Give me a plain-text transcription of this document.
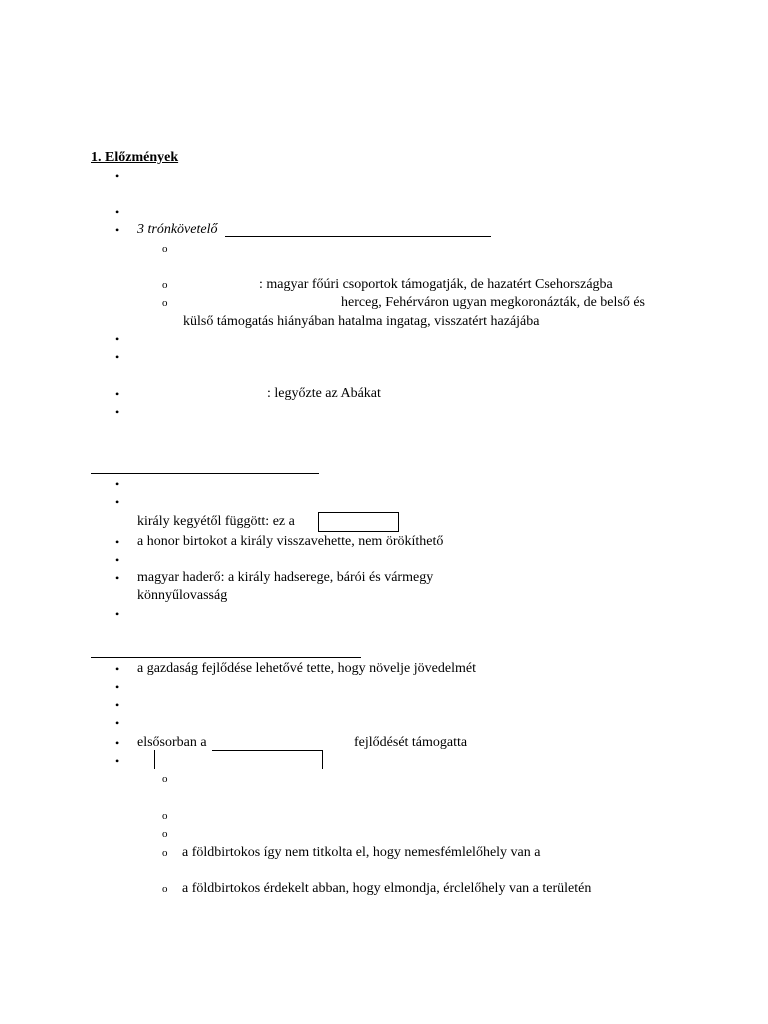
1. Előzmények
•
•
• 3 trónkövetelő
o
o	: magyar főúri csoportok támogatják, de hazatért Csehországba
o	herceg, Fehérváron ugyan megkoronázták, de belső és
külső támogatás hiányában hatalma ingatag, visszatért hazájába
•
•
•	: legyőzte az Abákat
•
•
•
király kegyétől függött: ez a
• a honor birtokot a király visszavehette, nem örökíthető
•
• magyar haderő: a király hadserege, bárói és vármegy
könnyűlovasság
•
• a gazdaság fejlődése lehetővé tette, hogy növelje jövedelmét
•
•
•
• elsősorban a	fejlődését támogatta
•
o
o
o
o a földbirtokos így nem titkolta el, hogy nemesfémlelőhely van a
o a földbirtokos érdekelt abban, hogy elmondja, érclelőhely van a területén
